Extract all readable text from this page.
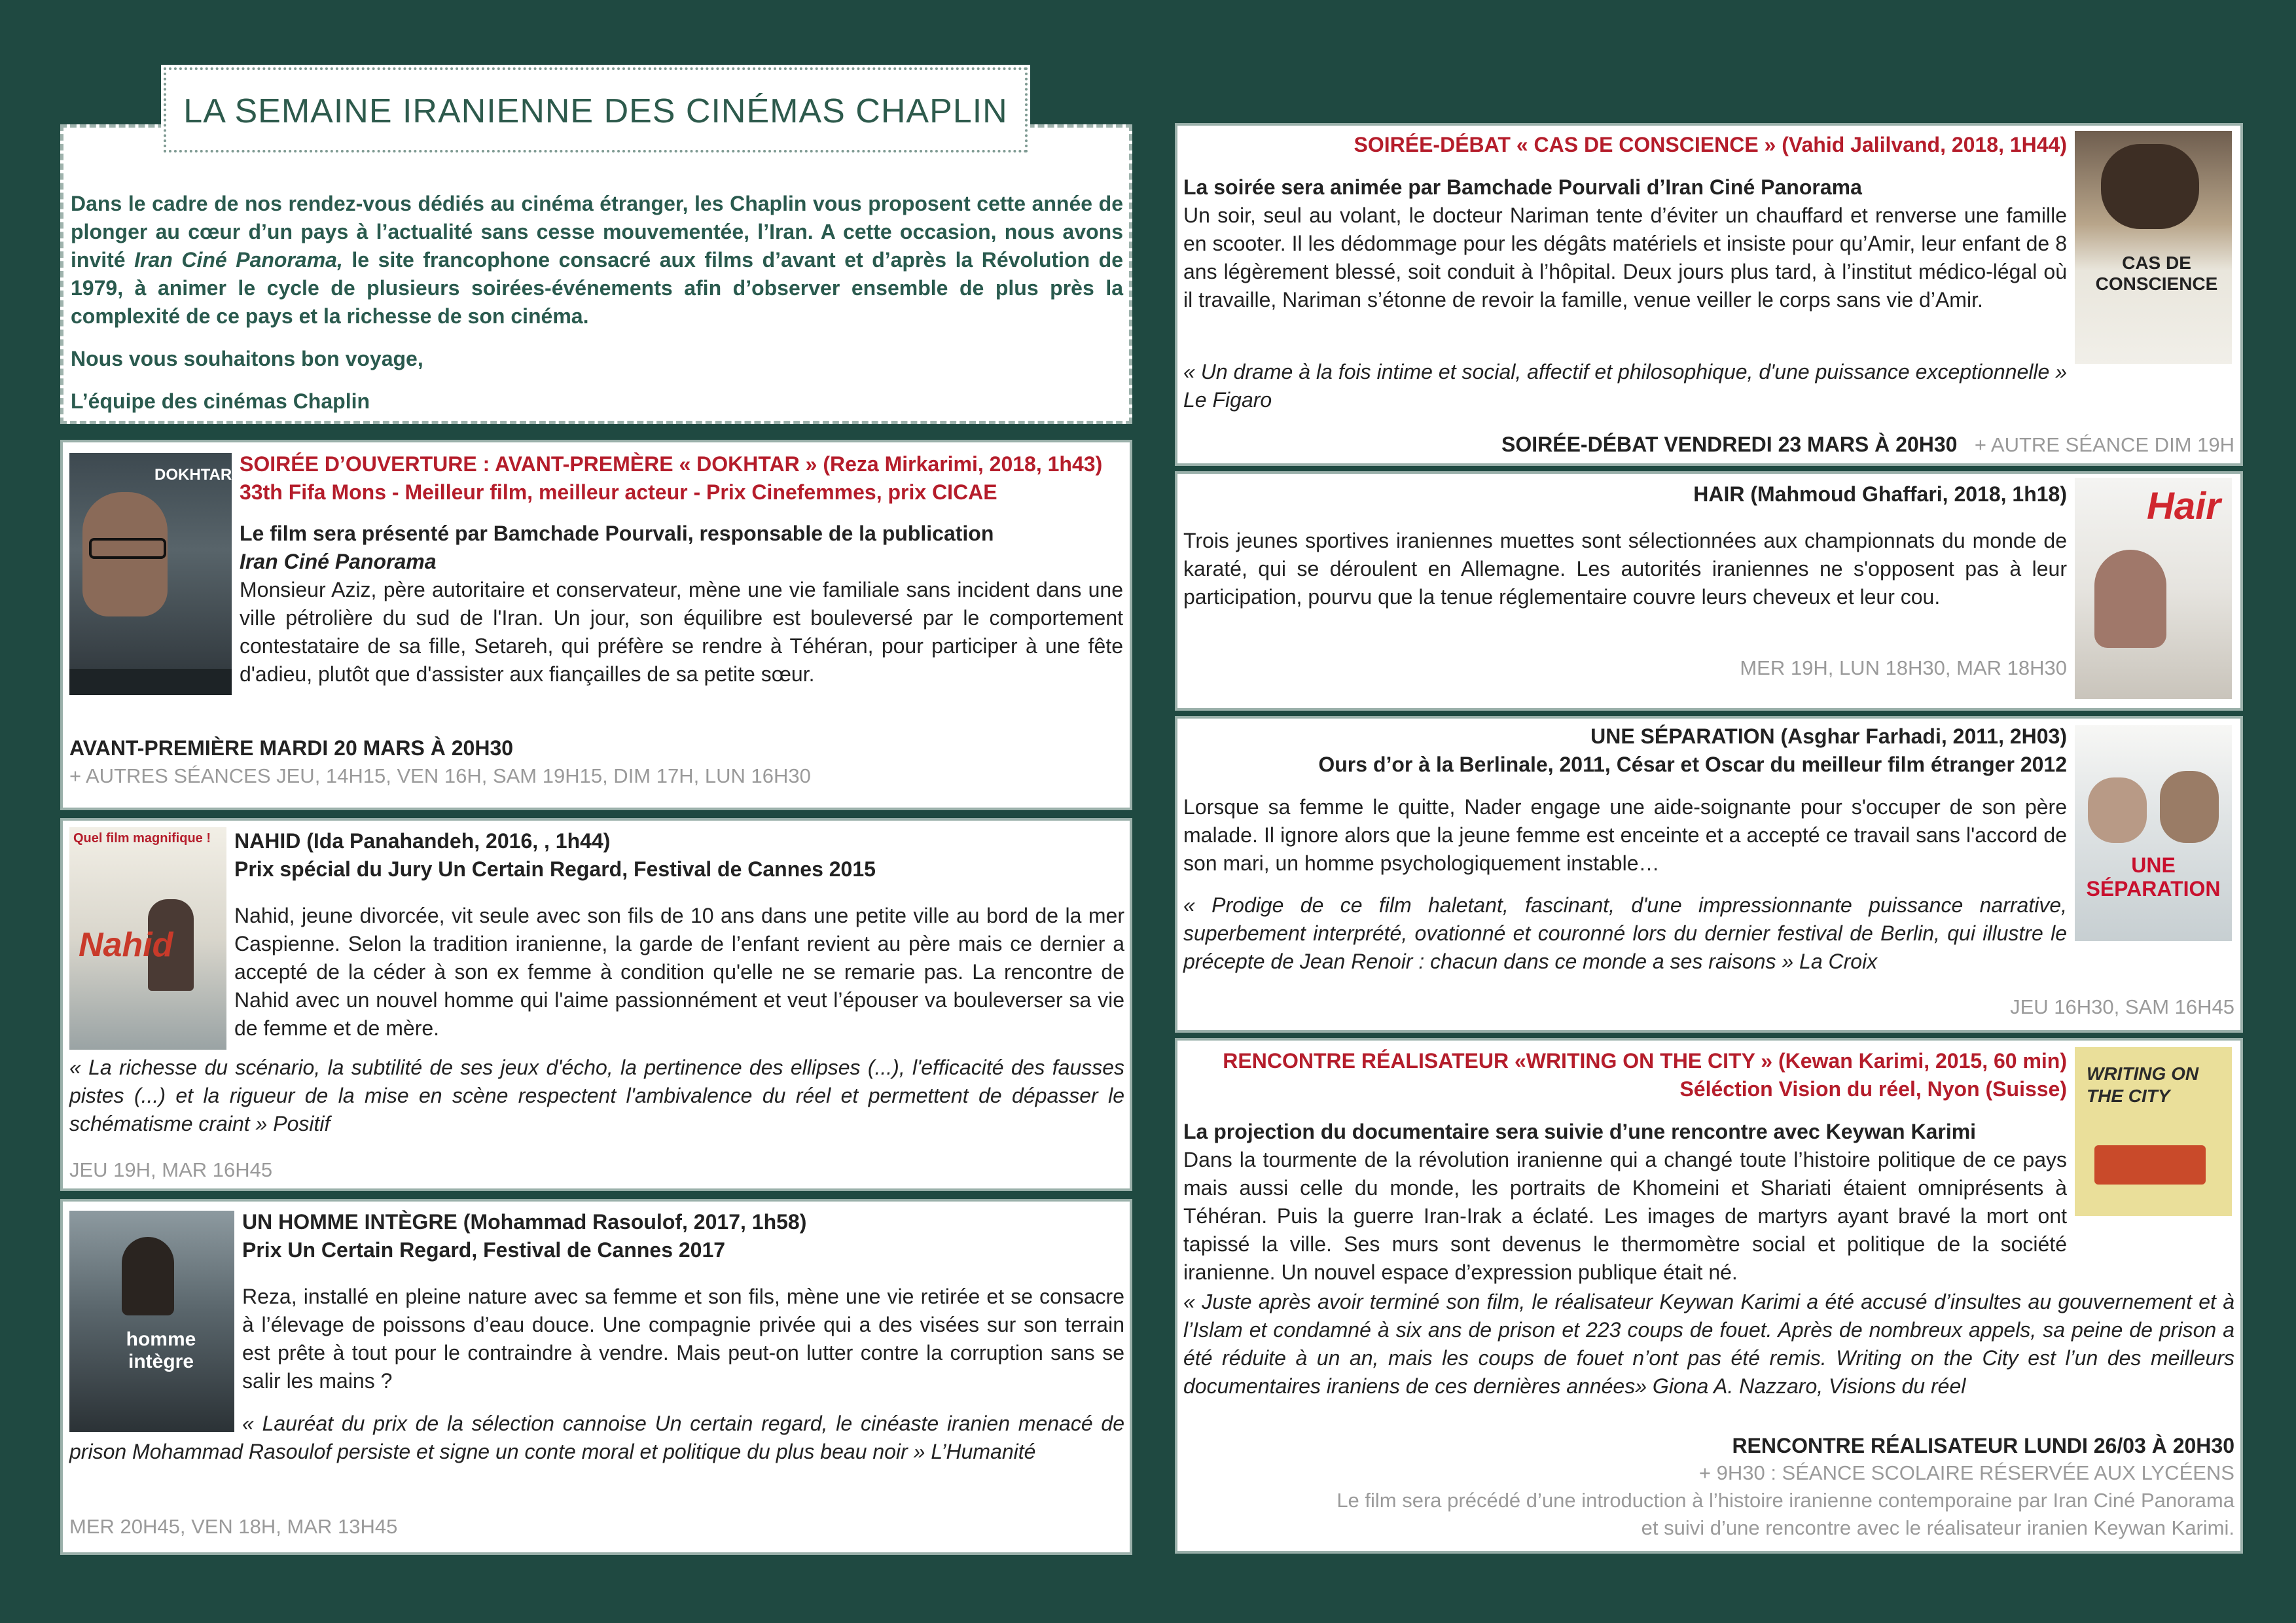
LA SEMAINE IRANIENNE DES CINÉMAS CHAPLIN

Dans le cadre de nos rendez-vous dédiés au cinéma étranger, les Chaplin vous proposent cette année de plonger au cœur d’un pays à l’actualité sans cesse mouvementée, l’Iran. A cette occasion, nous avons invité Iran Ciné Panorama, le site francophone consacré aux films d’avant et d’après la Révolution de 1979, à animer le cycle de plusieurs soirées-événements afin d’observer ensemble de plus près la complexité de ce pays et la richesse de son cinéma.

Nous vous souhaitons bon voyage,

L’équipe des cinémas Chaplin

DOKHTAR SOIRÉE D’OUVERTURE : AVANT-PREMÈRE « DOKHTAR » (Reza Mirkarimi, 2018, 1h43)
33th Fifa Mons - Meilleur film, meilleur acteur - Prix Cinefemmes, prix CICAE
Le film sera présenté par Bamchade Pourvali, responsable de la publication
Iran Ciné Panorama
Monsieur Aziz, père autoritaire et conservateur, mène une vie familiale sans incident dans une ville pétrolière du sud de l'Iran. Un jour, son équilibre est bouleversé par le comportement contestataire de sa fille, Setareh, qui préfère se rendre à Téhéran, pour participer à une fête d'adieu, plutôt que d'assister aux fiançailles de sa petite sœur.
AVANT-PREMIÈRE MARDI 20 MARS À 20H30
+ AUTRES SÉANCES JEU, 14H15, VEN 16H, SAM 19H15, DIM 17H, LUN 16H30
Quel film magnifique !
Nahid
NAHID (Ida Panahandeh, 2016, , 1h44)
Prix spécial du Jury Un Certain Regard, Festival de Cannes 2015
Nahid, jeune divorcée, vit seule avec son fils de 10 ans dans une petite ville au bord de la mer Caspienne. Selon la tradition iranienne, la garde de l’enfant revient au père mais ce dernier a accepté de la céder à son ex femme à condition qu'elle ne se remarie pas. La rencontre de Nahid avec un nouvel homme qui l'aime passionnément et veut l’épouser va bouleverser sa vie de femme et de mère.
« La richesse du scénario, la subtilité de ses jeux d'écho, la pertinence des ellipses (...), l'efficacité des fausses pistes (...) et la rigueur de la mise en scène respectent l'ambivalence du réel et permettent de dépasser le schématisme craint » Positif
JEU 19H, MAR 16H45
homme intègre
UN HOMME INTÈGRE (Mohammad Rasoulof, 2017, 1h58)
Prix Un Certain Regard, Festival de Cannes 2017
Reza, installé en pleine nature avec sa femme et son fils, mène une vie retirée et se consacre à l’élevage de poissons d’eau douce. Une compagnie privée qui a des visées sur son terrain est prête à tout pour le contraindre à vendre. Mais peut-on lutter contre la corruption sans se salir les mains ?
« Lauréat du prix de la sélection cannoise Un certain regard, le cinéaste iranien menacé de prison Mohammad Rasoulof persiste et signe un conte moral et politique du plus beau noir » L’Humanité
MER 20H45, VEN 18H, MAR 13H45
CAS DE CONSCIENCE
SOIRÉE-DÉBAT « CAS DE CONSCIENCE » (Vahid Jalilvand, 2018, 1H44)
La soirée sera animée par Bamchade Pourvali d’Iran Ciné Panorama
Un soir, seul au volant, le docteur Nariman tente d’éviter un chauffard et renverse une famille en scooter. Il les dédommage pour les dégâts matériels et insiste pour qu’Amir, leur enfant de 8 ans légèrement blessé, soit conduit à l’hôpital. Deux jours plus tard, à l’institut médico-légal où il travaille, Nariman s’étonne de revoir la famille, venue veiller le corps sans vie d’Amir.
« Un drame à la fois intime et social, affectif et philosophique, d'une puissance exceptionnelle » Le Figaro
SOIRÉE-DÉBAT VENDREDI 23 MARS À 20H30 + AUTRE SÉANCE DIM 19H
Hair
HAIR (Mahmoud Ghaffari, 2018, 1h18)
Trois jeunes sportives iraniennes muettes sont sélectionnées aux championnats du monde de karaté, qui se déroulent en Allemagne. Les autorités iraniennes ne s'opposent pas à leur participation, pourvu que la tenue réglementaire couvre leurs cheveux et leur cou.
MER 19H, LUN 18H30, MAR 18H30
UNE SÉPARATION
UNE SÉPARATION (Asghar Farhadi, 2011, 2H03)
Ours d’or à la Berlinale, 2011, César et Oscar du meilleur film étranger 2012
Lorsque sa femme le quitte, Nader engage une aide-soignante pour s'occuper de son père malade. Il ignore alors que la jeune femme est enceinte et a accepté ce travail sans l'accord de son mari, un homme psychologiquement instable…
« Prodige de ce film haletant, fascinant, d'une impressionnante puissance narrative, superbement interprété, ovationné et couronné lors du dernier festival de Berlin, qui illustre le précepte de Jean Renoir : chacun dans ce monde a ses raisons » La Croix
JEU 16H30, SAM 16H45
WRITING ON THE CITY
RENCONTRE RÉALISATEUR «WRITING ON THE CITY » (Kewan Karimi, 2015, 60 min)
Séléction Vision du réel, Nyon (Suisse)
La projection du documentaire sera suivie d’une rencontre avec Keywan Karimi
Dans la tourmente de la révolution iranienne qui a changé toute l’histoire politique de ce pays mais aussi celle du monde, les portraits de Khomeini et Shariati étaient omniprésents à Téhéran. Puis la guerre Iran-Irak a éclaté. Les images de martyrs ayant bravé la mort ont tapissé la ville. Ses murs sont devenus le thermomètre social et politique de la société iranienne. Un nouvel espace d’expression publique était né.
« Juste après avoir terminé son film, le réalisateur Keywan Karimi a été accusé d’insultes au gouvernement et à l’Islam et condamné à six ans de prison et 223 coups de fouet. Après de nombreux appels, sa peine de prison a été réduite à un an, mais les coups de fouet n’ont pas été remis. Writing on the City est l’un des meilleurs documentaires iraniens de ces dernières années» Giona A. Nazzaro, Visions du réel
RENCONTRE RÉALISATEUR LUNDI 26/03 À 20H30
+ 9H30 : SÉANCE SCOLAIRE RÉSERVÉE AUX LYCÉENS
Le film sera précédé d’une introduction à l’histoire iranienne contemporaine par Iran Ciné Panorama
et suivi d’une rencontre avec le réalisateur iranien Keywan Karimi.
